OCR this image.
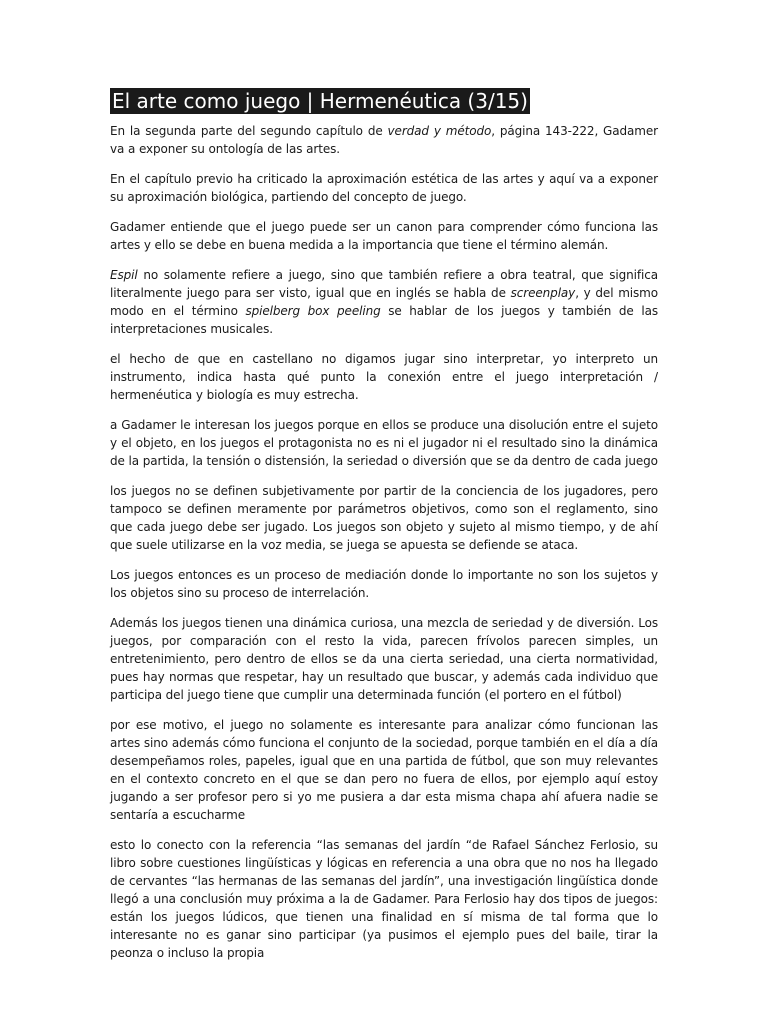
El arte como juego | Hermenéutica (3/15)

En la segunda parte del segundo capítulo de verdad y método, página 143-222, Gadamer va a exponer su ontología de las artes.

En el capítulo previo ha criticado la aproximación estética de las artes y aquí va a exponer su aproximación biológica, partiendo del concepto de juego.

Gadamer entiende que el juego puede ser un canon para comprender cómo funciona las artes y ello se debe en buena medida a la importancia que tiene el término alemán.

Espil no solamente refiere a juego, sino que también refiere a obra teatral, que significa literalmente juego para ser visto, igual que en inglés se habla de screenplay, y del mismo modo en el término spielberg box peeling se hablar de los juegos y también de las interpretaciones musicales.

el hecho de que en castellano no digamos jugar sino interpretar, yo interpreto un instrumento, indica hasta qué punto la conexión entre el juego interpretación / hermenéutica y biología es muy estrecha.

a Gadamer le interesan los juegos porque en ellos se produce una disolución entre el sujeto y el objeto, en los juegos el protagonista no es ni el jugador ni el resultado sino la dinámica de la partida, la tensión o distensión, la seriedad o diversión que se da dentro de cada juego

los juegos no se definen subjetivamente por partir de la conciencia de los jugadores, pero tampoco se definen meramente por parámetros objetivos, como son el reglamento, sino que cada juego debe ser jugado. Los juegos son objeto y sujeto al mismo tiempo, y de ahí que suele utilizarse en la voz media, se juega se apuesta se defiende se ataca.

Los juegos entonces es un proceso de mediación donde lo importante no son los sujetos y los objetos sino su proceso de interrelación.

Además los juegos tienen una dinámica curiosa, una mezcla de seriedad y de diversión. Los juegos, por comparación con el resto la vida, parecen frívolos parecen simples, un entretenimiento, pero dentro de ellos se da una cierta seriedad, una cierta normatividad, pues hay normas que respetar, hay un resultado que buscar, y además cada individuo que participa del juego tiene que cumplir una determinada función (el portero en el fútbol)

por ese motivo, el juego no solamente es interesante para analizar cómo funcionan las artes sino además cómo funciona el conjunto de la sociedad, porque también en el día a día desempeñamos roles, papeles, igual que en una partida de fútbol, que son muy relevantes en el contexto concreto en el que se dan pero no fuera de ellos, por ejemplo aquí estoy jugando a ser profesor pero si yo me pusiera a dar esta misma chapa ahí afuera nadie se sentaría a escucharme

esto lo conecto con la referencia “las semanas del jardín “de Rafael Sánchez Ferlosio, su libro sobre cuestiones lingüísticas y lógicas en referencia a una obra que no nos ha llegado de cervantes “las hermanas de las semanas del jardín”, una investigación lingüística donde llegó a una conclusión muy próxima a la de Gadamer. Para Ferlosio hay dos tipos de juegos: están los juegos lúdicos, que tienen una finalidad en sí misma de tal forma que lo interesante no es ganar sino participar (ya pusimos el ejemplo pues del baile, tirar la peonza o incluso la propia
